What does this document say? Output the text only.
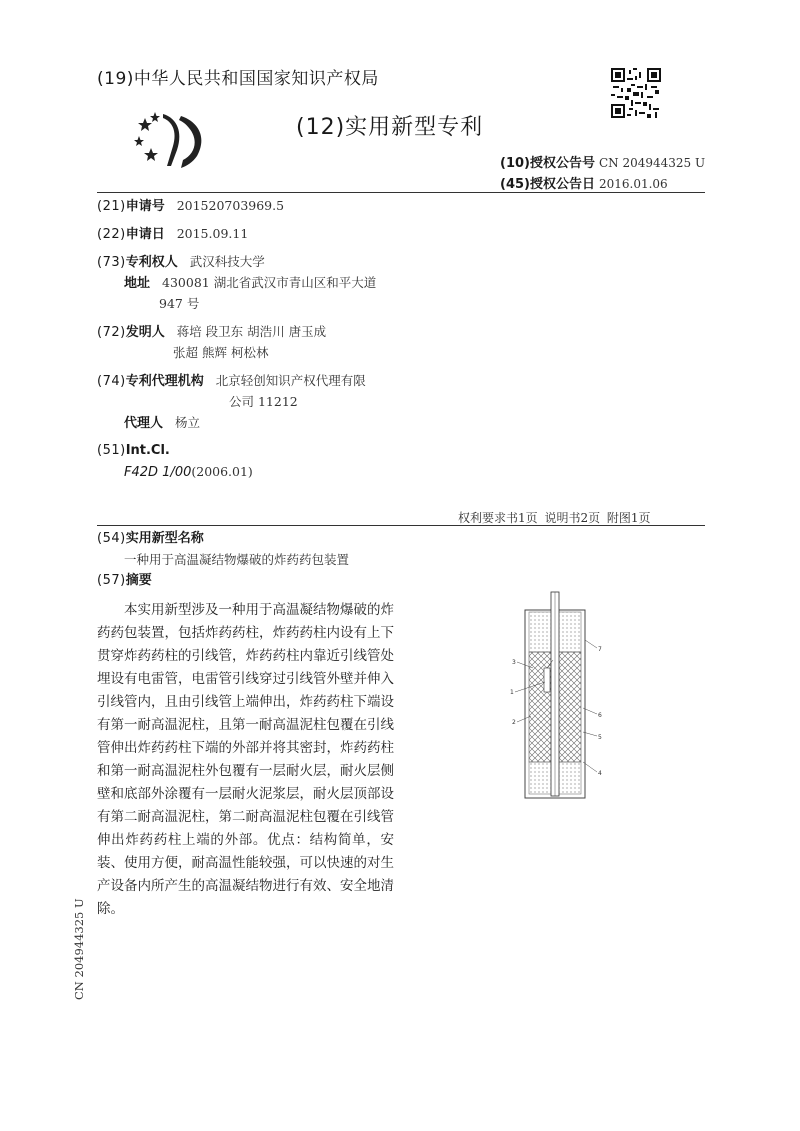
(19)中华人民共和国国家知识产权局
(12)实用新型专利
(10)授权公告号 CN 204944325 U
(45)授权公告日 2016.01.06
(21)申请号 201520703969.5
(22)申请日 2015.09.11
(73)专利权人 武汉科技大学
地址 430081 湖北省武汉市青山区和平大道
947 号
(72)发明人 蒋培 段卫东 胡浩川 唐玉成
张超 熊辉 柯松林
(74)专利代理机构 北京轻创知识产权代理有限
公司 11212
代理人 杨立
(51)Int.Cl.
F42D 1/00(2006.01)
权利要求书1页 说明书2页 附图1页
(54)实用新型名称
一种用于高温凝结物爆破的炸药药包装置
(57)摘要
本实用新型涉及一种用于高温凝结物爆破的炸药药包装置，包括炸药药柱，炸药药柱内设有上下贯穿炸药药柱的引线管，炸药药柱内靠近引线管处埋设有电雷管，电雷管引线穿过引线管外壁并伸入引线管内，且由引线管上端伸出，炸药药柱下端设有第一耐高温泥柱，且第一耐高温泥柱包覆在引线管伸出炸药药柱下端的外部并将其密封，炸药药柱和第一耐高温泥柱外包覆有一层耐火层，耐火层侧壁和底部外涂覆有一层耐火泥浆层，耐火层顶部设有第二耐高温泥柱，第二耐高温泥柱包覆在引线管伸出炸药药柱上端的外部。优点：结构简单，安装、使用方便，耐高温性能较强，可以快速的对生产设备内所产生的高温凝结物进行有效、安全地清除。
7
3
1
2
6
5
4
CN 204944325 U
